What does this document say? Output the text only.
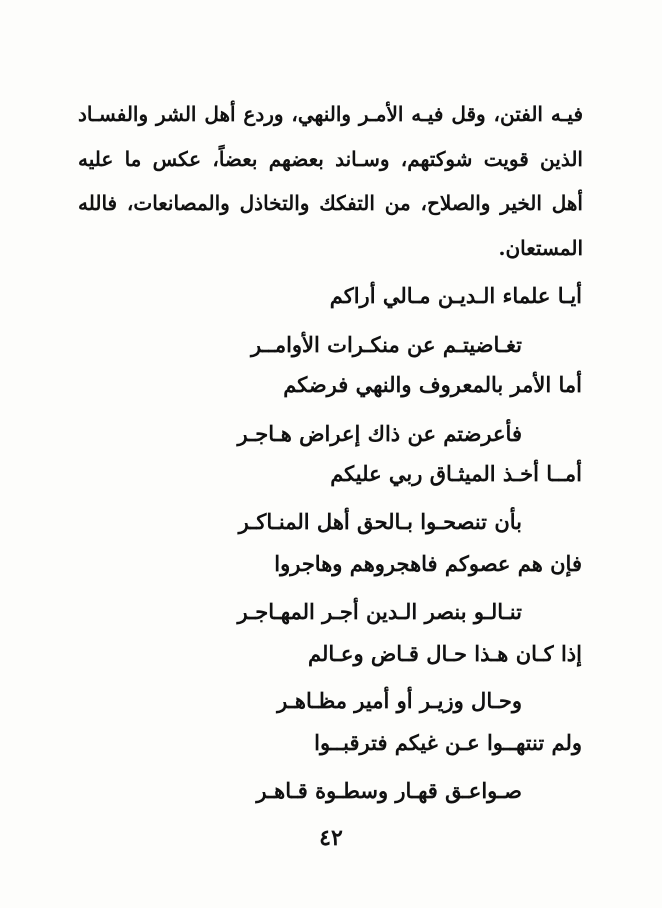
فيـه الفتن، وقل فيـه الأمـر والنهي، وردع أهل الشر والفسـاد
الذين قويت شوكتهم، وسـاند بعضهم بعضاً، عكس ما عليه
أهل الخير والصلاح، من التفكك والتخاذل والمصانعات، فالله
المستعان.
أيـا علماء الـديـن مـالي أراكم
تغـاضيتـم عن منكـرات الأوامــر
أما الأمر بالمعروف والنهي فرضكم
فأعرضتم عن ذاك إعراض هـاجـر
أمــا أخـذ الميثـاق ربي عليكم
بأن تنصحـوا بـالحق أهل المنـاكـر
فإن هم عصوكم فاهجروهم وهاجروا
تنـالـو بنصر الـدين أجـر المهـاجـر
إذا كـان هـذا حـال قـاض وعـالم
وحـال وزيـر أو أمير مظـاهـر
ولم تنتهــوا عـن غيكم فترقبــوا
صـواعـق قهـار وسطـوة قـاهـر
٤٢
